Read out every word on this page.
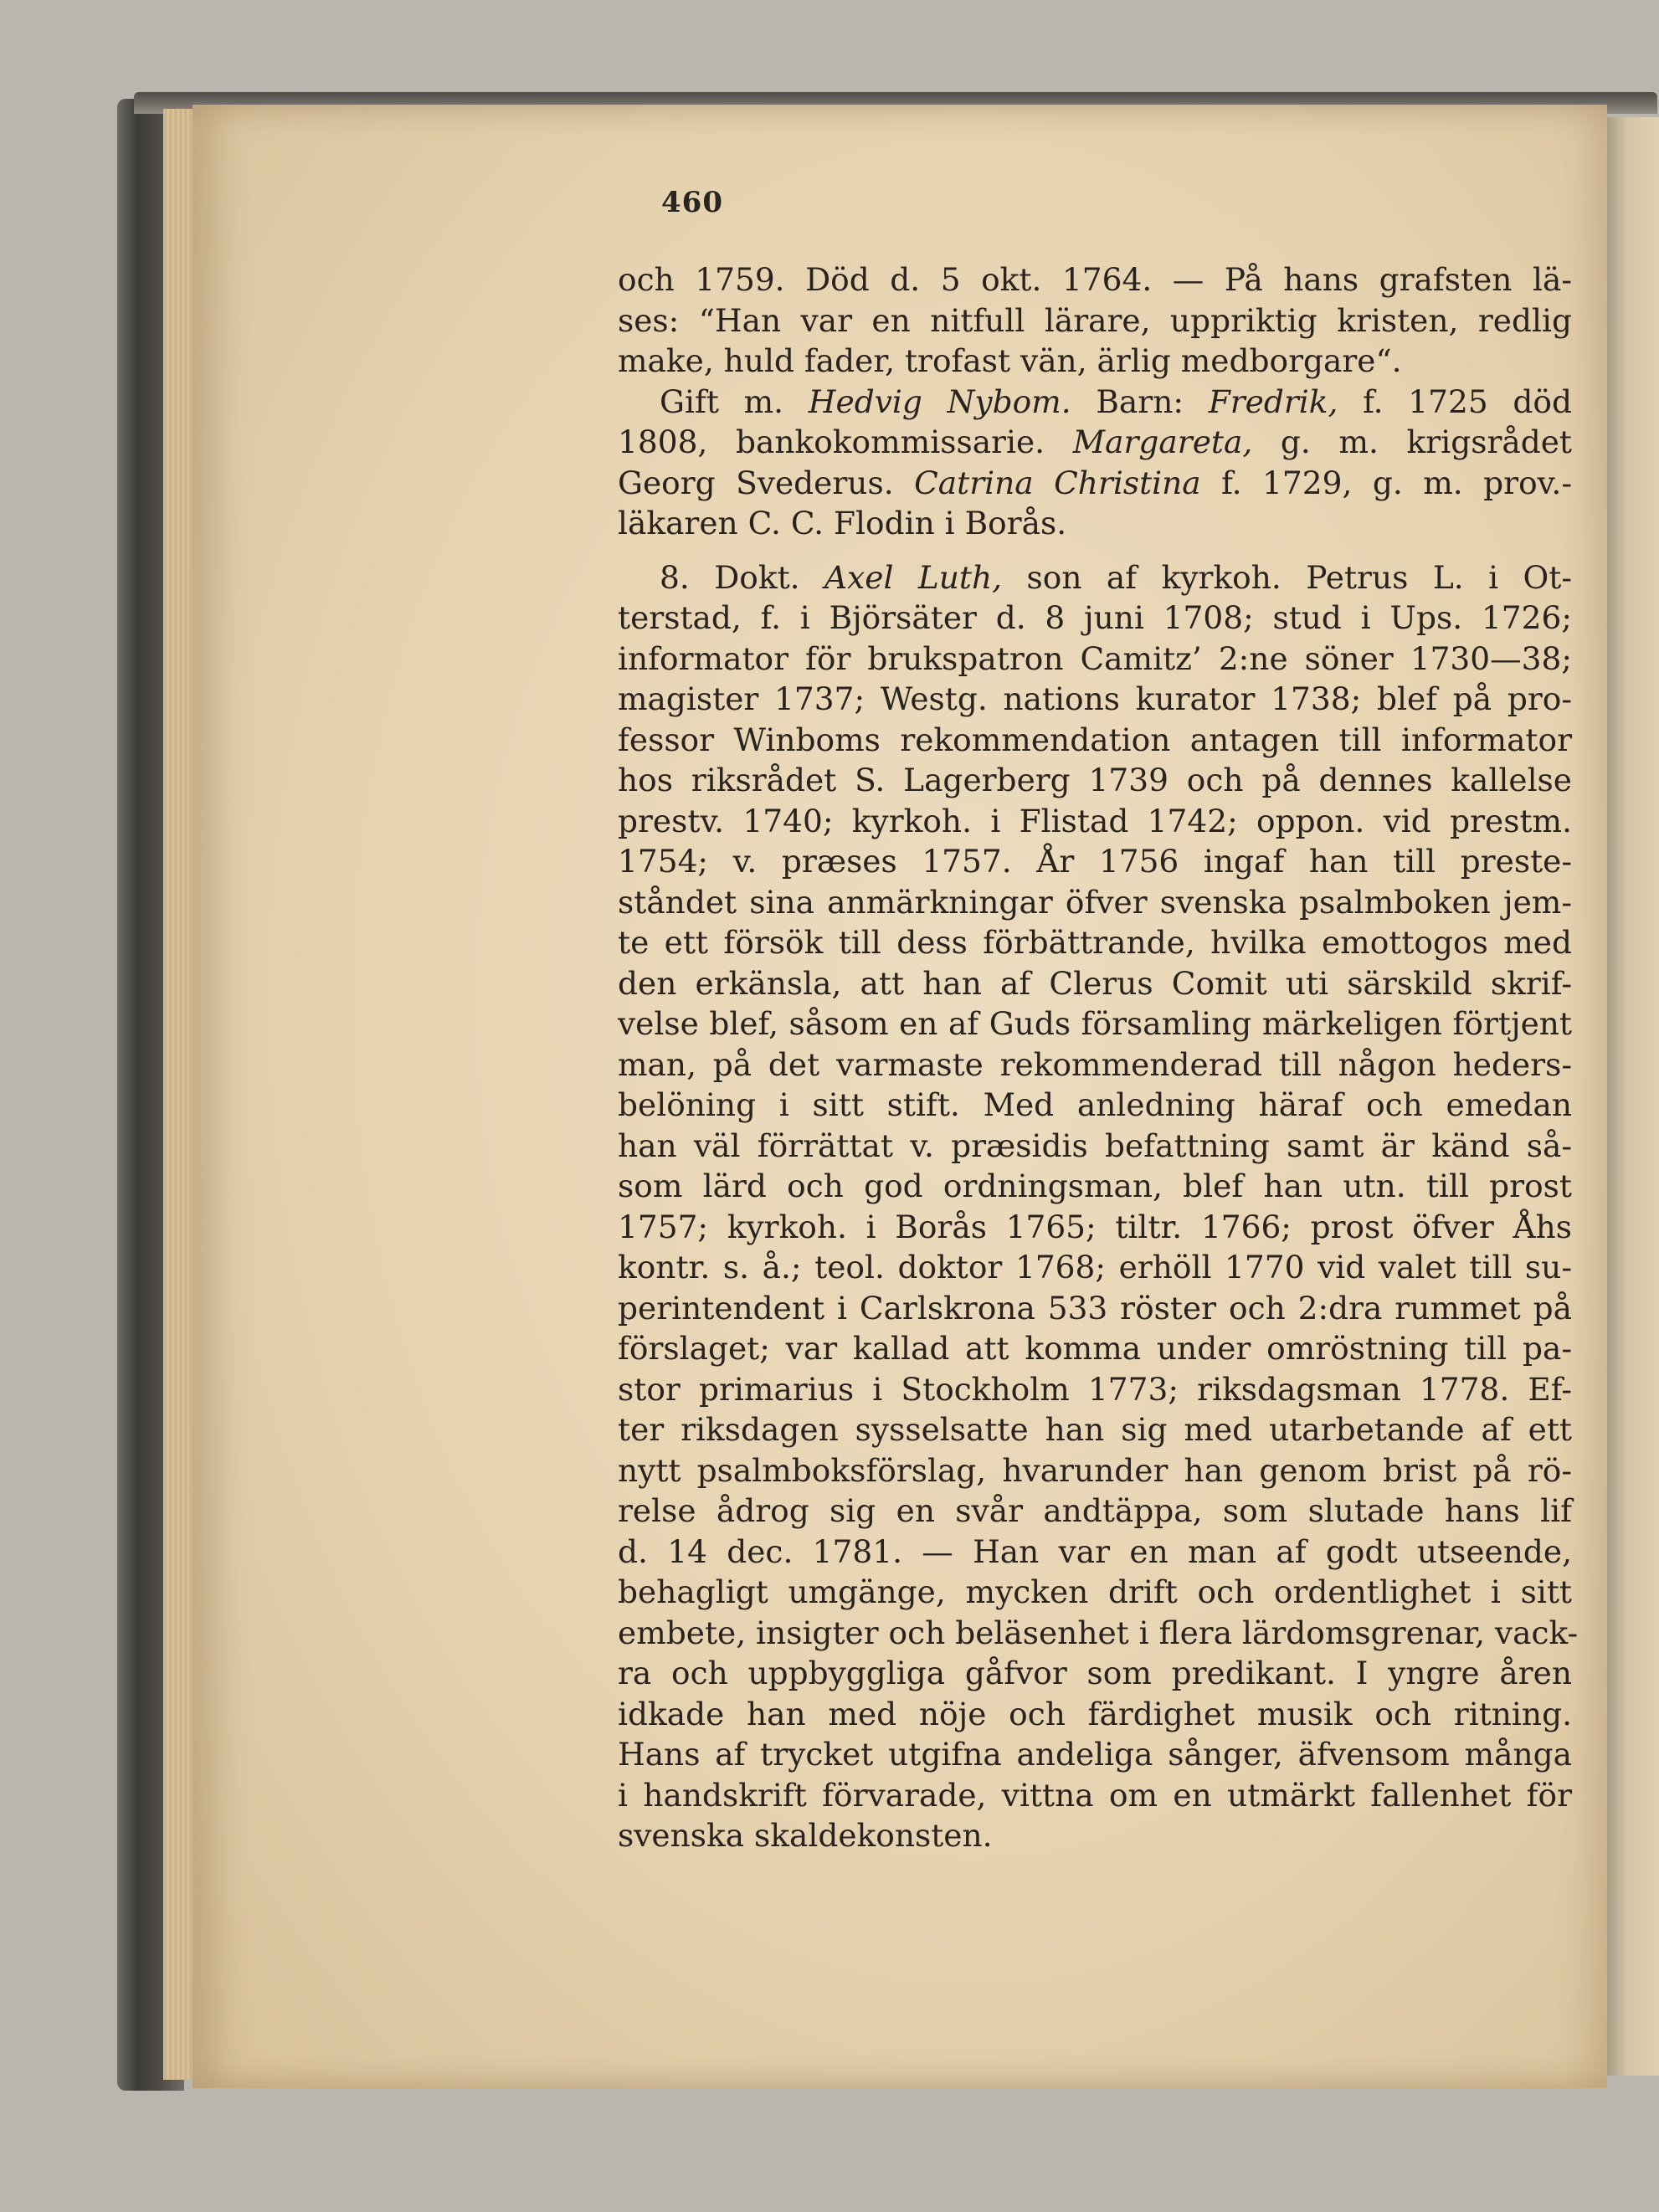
460
och 1759. Död d. 5 okt. 1764. — På hans grafsten lä-
ses: “Han var en nitfull lärare, uppriktig kristen, redlig
make, huld fader, trofast vän, ärlig medborgare“.
Gift m. Hedvig Nybom. Barn: Fredrik, f. 1725 död
1808, bankokommissarie. Margareta, g. m. krigsrådet
Georg Svederus. Catrina Christina f. 1729, g. m. prov.-
läkaren C. C. Flodin i Borås.
8. Dokt. Axel Luth, son af kyrkoh. Petrus L. i Ot-
terstad, f. i Björsäter d. 8 juni 1708; stud i Ups. 1726;
informator för brukspatron Camitz’ 2:ne söner 1730—38;
magister 1737; Westg. nations kurator 1738; blef på pro-
fessor Winboms rekommendation antagen till informator
hos riksrådet S. Lagerberg 1739 och på dennes kallelse
prestv. 1740; kyrkoh. i Flistad 1742; oppon. vid prestm.
1754; v. præses 1757. År 1756 ingaf han till preste-
ståndet sina anmärkningar öfver svenska psalmboken jem-
te ett försök till dess förbättrande, hvilka emottogos med
den erkänsla, att han af Clerus Comit uti särskild skrif-
velse blef, såsom en af Guds församling märkeligen förtjent
man, på det varmaste rekommenderad till någon heders-
belöning i sitt stift. Med anledning häraf och emedan
han väl förrättat v. præsidis befattning samt är känd så-
som lärd och god ordningsman, blef han utn. till prost
1757; kyrkoh. i Borås 1765; tiltr. 1766; prost öfver Åhs
kontr. s. å.; teol. doktor 1768; erhöll 1770 vid valet till su-
perintendent i Carlskrona 533 röster och 2:dra rummet på
förslaget; var kallad att komma under omröstning till pa-
stor primarius i Stockholm 1773; riksdagsman 1778. Ef-
ter riksdagen sysselsatte han sig med utarbetande af ett
nytt psalmboksförslag, hvarunder han genom brist på rö-
relse ådrog sig en svår andtäppa, som slutade hans lif
d. 14 dec. 1781. — Han var en man af godt utseende,
behagligt umgänge, mycken drift och ordentlighet i sitt
embete, insigter och beläsenhet i flera lärdomsgrenar, vack-
ra och uppbyggliga gåfvor som predikant. I yngre åren
idkade han med nöje och färdighet musik och ritning.
Hans af trycket utgifna andeliga sånger, äfvensom många
i handskrift förvarade, vittna om en utmärkt fallenhet för
svenska skaldekonsten.
